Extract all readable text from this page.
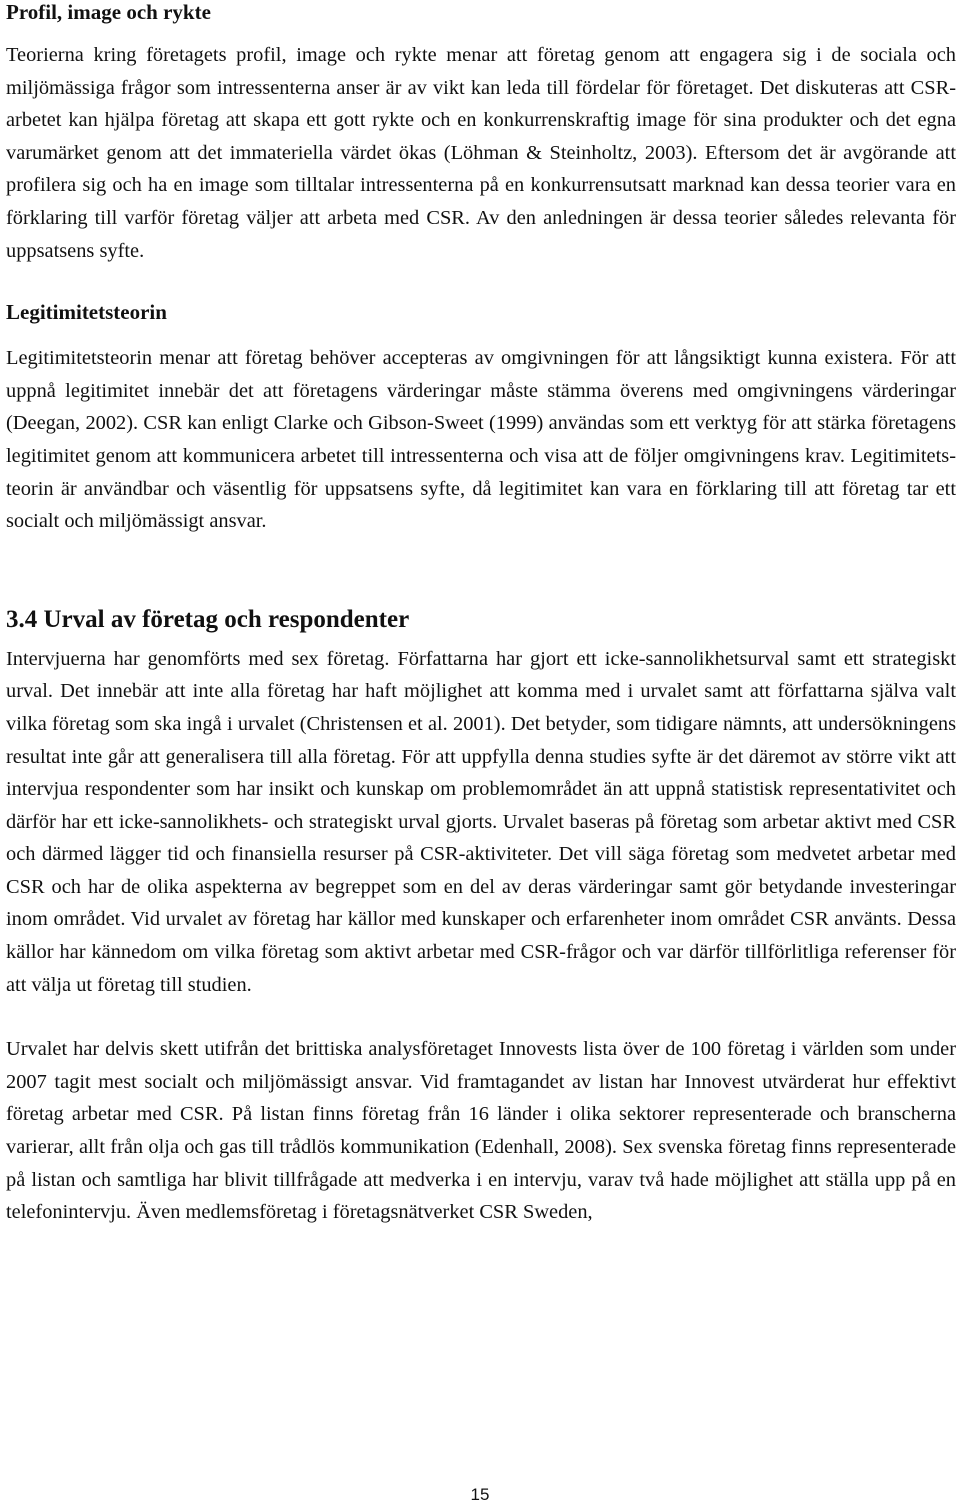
Profil, image och rykte

Teorierna kring företagets profil, image och rykte menar att företag genom att engagera sig i de sociala och miljömässiga frågor som intressenterna anser är av vikt kan leda till fördelar för företaget. Det diskuteras att CSR-arbetet kan hjälpa företag att skapa ett gott rykte och en konkurrenskraftig image för sina produkter och det egna varumärket genom att det immateriella värdet ökas (Löhman & Steinholtz, 2003). Eftersom det är avgörande att profilera sig och ha en image som tilltalar intressenterna på en konkurrensutsatt marknad kan dessa teorier vara en förklaring till varför företag väljer att arbeta med CSR. Av den anledningen är dessa teorier således relevanta för uppsatsens syfte.

Legitimitetsteorin

Legitimitetsteorin menar att företag behöver accepteras av omgivningen för att långsiktigt kunna existera. För att uppnå legitimitet innebär det att företagens värderingar måste stämma överens med omgivningens värderingar (Deegan, 2002). CSR kan enligt Clarke och Gibson-Sweet (1999) användas som ett verktyg för att stärka företagens legitimitet genom att kommunicera arbetet till intressenterna och visa att de följer omgivningens krav. Legitimitetsteorin är användbar och väsentlig för uppsatsens syfte, då legitimitet kan vara en förklaring till att företag tar ett socialt och miljömässigt ansvar.

3.4 Urval av företag och respondenter

Intervjuerna har genomförts med sex företag. Författarna har gjort ett icke-sannolikhetsurval samt ett strategiskt urval. Det innebär att inte alla företag har haft möjlighet att komma med i urvalet samt att författarna själva valt vilka företag som ska ingå i urvalet (Christensen et al. 2001). Det betyder, som tidigare nämnts, att undersökningens resultat inte går att generalisera till alla företag. För att uppfylla denna studies syfte är det däremot av större vikt att intervjua respondenter som har insikt och kunskap om problemområdet än att uppnå statistisk representativitet och därför har ett icke-sannolikhets- och strategiskt urval gjorts. Urvalet baseras på företag som arbetar aktivt med CSR och därmed lägger tid och finansiella resurser på CSR-aktiviteter. Det vill säga företag som medvetet arbetar med CSR och har de olika aspekterna av begreppet som en del av deras värderingar samt gör betydande investeringar inom området. Vid urvalet av företag har källor med kunskaper och erfarenheter inom området CSR använts. Dessa källor har kännedom om vilka företag som aktivt arbetar med CSR-frågor och var därför tillförlitliga referenser för att välja ut företag till studien.

Urvalet har delvis skett utifrån det brittiska analysföretaget Innovests lista över de 100 företag i världen som under 2007 tagit mest socialt och miljömässigt ansvar. Vid framtagandet av listan har Innovest utvärderat hur effektivt företag arbetar med CSR. På listan finns företag från 16 länder i olika sektorer representerade och branscherna varierar, allt från olja och gas till trådlös kommunikation (Edenhall, 2008). Sex svenska företag finns representerade på listan och samtliga har blivit tillfrågade att medverka i en intervju, varav två hade möjlighet att ställa upp på en telefonintervju. Även medlemsföretag i företagsnätverket CSR Sweden,

15
